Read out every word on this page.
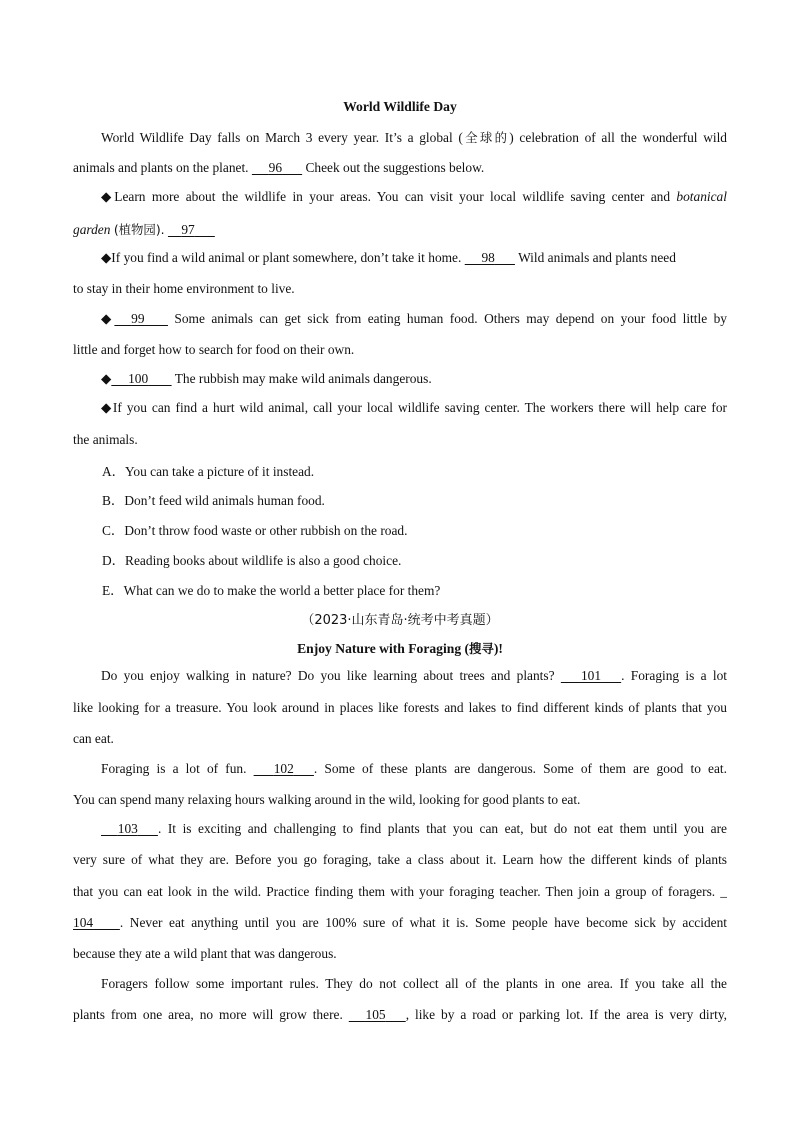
World Wildlife Day
World Wildlife Day falls on March 3 every year. It’s a global (全球的) celebration of all the wonderful wild
animals and plants on the planet. 96 Cheek out the suggestions below.
◆Learn more about the wildlife in your areas. You can visit your local wildlife saving center and botanical
garden (植物园). 97
◆If you find a wild animal or plant somewhere, don’t take it home. 98 Wild animals and plants need
to stay in their home environment to live.
◆ 99 Some animals can get sick from eating human food. Others may depend on your food little by
little and forget how to search for food on their own.
◆ 100 The rubbish may make wild animals dangerous.
◆If you can find a hurt wild animal, call your local wildlife saving center. The workers there will help care for
the animals.
A．You can take a picture of it instead.
B．Don’t feed wild animals human food.
C．Don’t throw food waste or other rubbish on the road.
D．Reading books about wildlife is also a good choice.
E．What can we do to make the world a better place for them?
（2023·山东青岛·统考中考真题）
Enjoy Nature with Foraging (搜寻)!
Do you enjoy walking in nature? Do you like learning about trees and plants? 101 . Foraging is a lot
like looking for a treasure. You look around in places like forests and lakes to find different kinds of plants that you
can eat.
Foraging is a lot of fun. 102 . Some of these plants are dangerous. Some of them are good to eat.
You can spend many relaxing hours walking around in the wild, looking for good plants to eat.
103 . It is exciting and challenging to find plants that you can eat, but do not eat them until you are
very sure of what they are. Before you go foraging, take a class about it. Learn how the different kinds of plants
that you can eat look in the wild. Practice finding them with your foraging teacher. Then join a group of foragers. _
104 . Never eat anything until you are 100% sure of what it is. Some people have become sick by accident
because they ate a wild plant that was dangerous.
Foragers follow some important rules. They do not collect all of the plants in one area. If you take all the
plants from one area, no more will grow there. 105 , like by a road or parking lot. If the area is very dirty,
